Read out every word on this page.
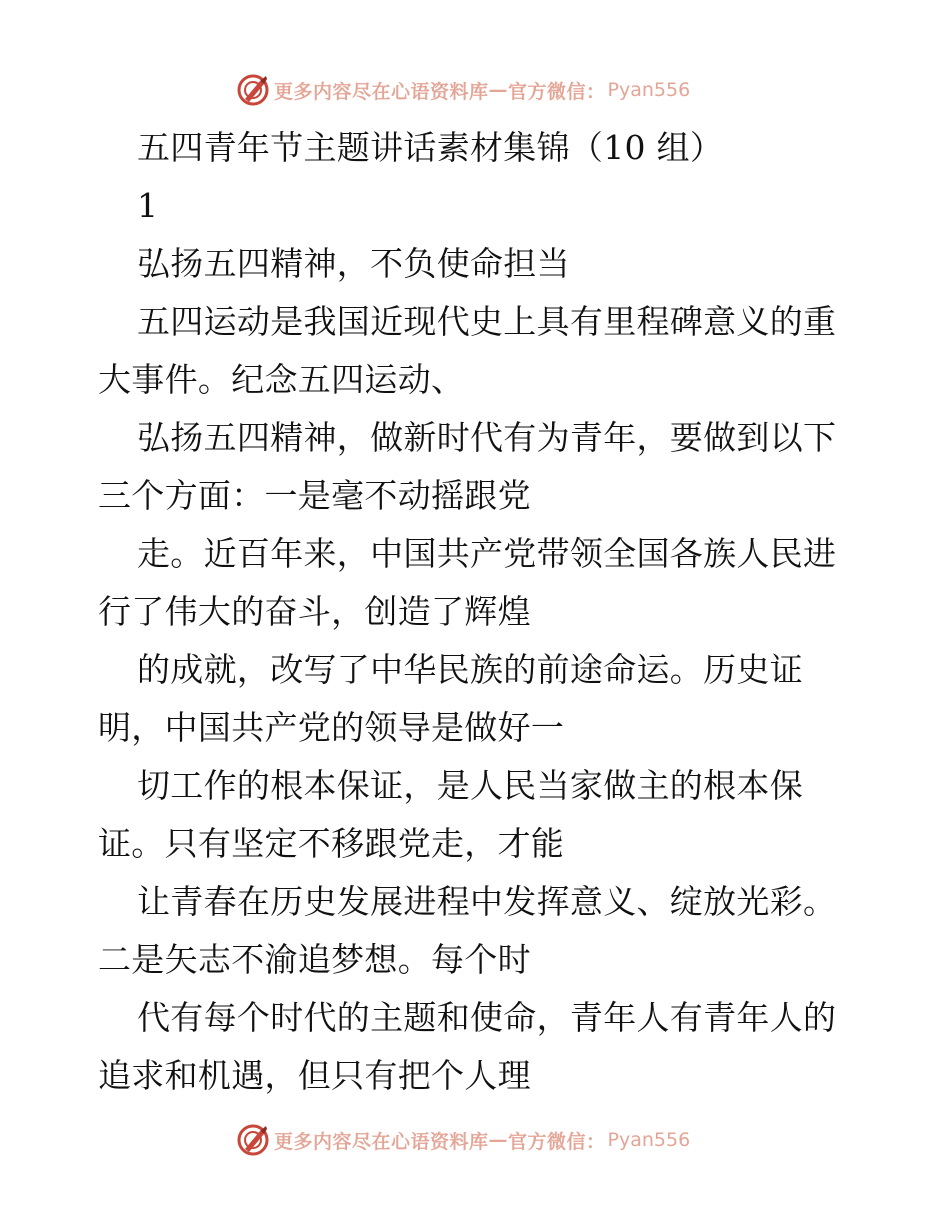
更多内容尽在心语资料库 — 官方微信： Pyan556
五四青年节主题讲话素材集锦（10 组）
1
弘扬五四精神，不负使命担当
五四运动是我国近现代史上具有里程碑意义的重
大事件。纪念五四运动、
弘扬五四精神，做新时代有为青年，要做到以下
三个方面：一是毫不动摇跟党
走。近百年来，中国共产党带领全国各族人民进
行了伟大的奋斗，创造了辉煌
的成就，改写了中华民族的前途命运。历史证
明，中国共产党的领导是做好一
切工作的根本保证，是人民当家做主的根本保
证。只有坚定不移跟党走，才能
让青春在历史发展进程中发挥意义、绽放光彩。
二是矢志不渝追梦想。每个时
代有每个时代的主题和使命，青年人有青年人的
追求和机遇，但只有把个人理
更多内容尽在心语资料库 — 官方微信： Pyan556
